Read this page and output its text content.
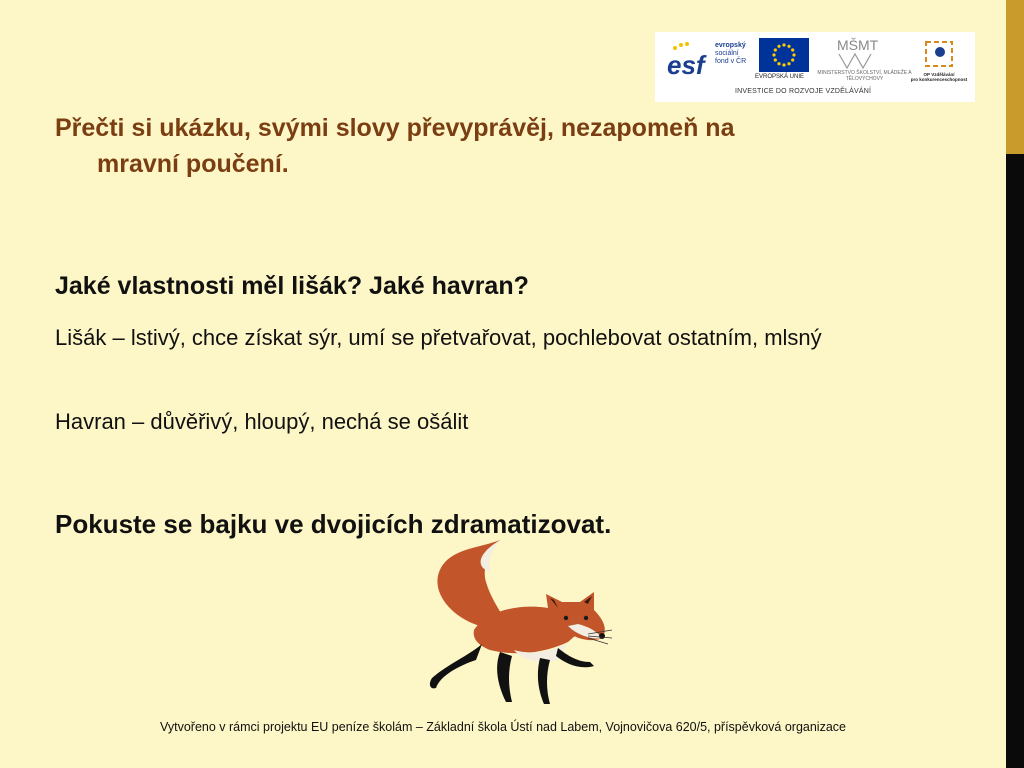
esf
evropský
sociální
fond v ČR
EVROPSKÁ UNIE
MŠMT
MINISTERSTVO ŠKOLSTVÍ, MLÁDEŽE A TĚLOVÝCHOVY
OP Vzdělávání
pro konkurenceschopnost
INVESTICE DO ROZVOJE VZDĚLÁVÁNÍ
Přečti si ukázku, svými slovy převyprávěj, nezapomeň na mravní poučení.
Jaké vlastnosti měl lišák? Jaké havran?
Lišák – lstivý, chce získat sýr, umí se přetvařovat, pochlebovat ostatním, mlsný
Havran – důvěřivý, hloupý, nechá se ošálit
Pokuste se bajku ve dvojicích zdramatizovat.
Vytvořeno v rámci projektu EU peníze školám – Základní škola Ústí nad Labem, Vojnovičova 620/5, příspěvková organizace
